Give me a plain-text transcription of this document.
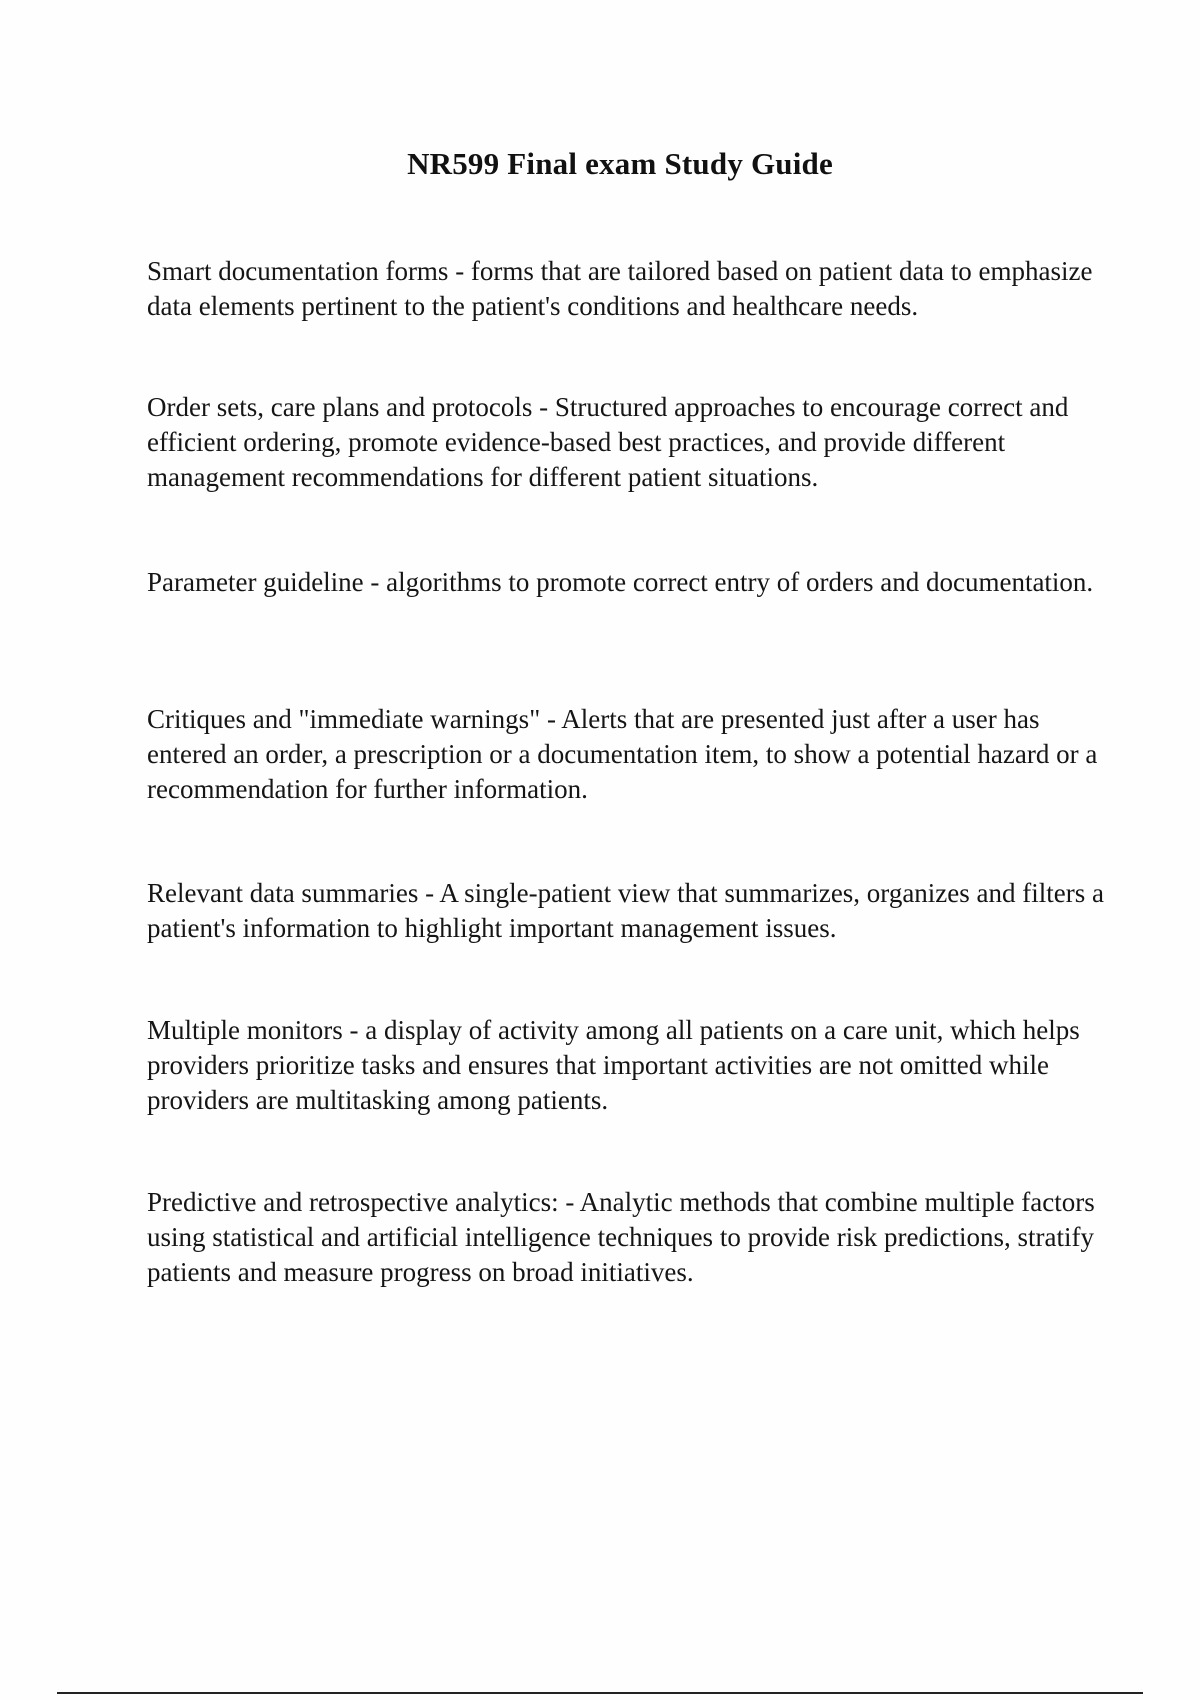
NR599 Final exam Study Guide

Smart documentation forms - forms that are tailored based on patient data to emphasize data elements pertinent to the patient's conditions and healthcare needs.

Order sets, care plans and protocols - Structured approaches to encourage correct and efficient ordering, promote evidence-based best practices, and provide different management recommendations for different patient situations.

Parameter guideline - algorithms to promote correct entry of orders and documentation.

Critiques and "immediate warnings" - Alerts that are presented just after a user has entered an order, a prescription or a documentation item, to show a potential hazard or a recommendation for further information.

Relevant data summaries - A single-patient view that summarizes, organizes and filters a patient's information to highlight important management issues.

Multiple monitors - a display of activity among all patients on a care unit, which helps providers prioritize tasks and ensures that important activities are not omitted while providers are multitasking among patients.

Predictive and retrospective analytics: - Analytic methods that combine multiple factors using statistical and artificial intelligence techniques to provide risk predictions, stratify patients and measure progress on broad initiatives.
